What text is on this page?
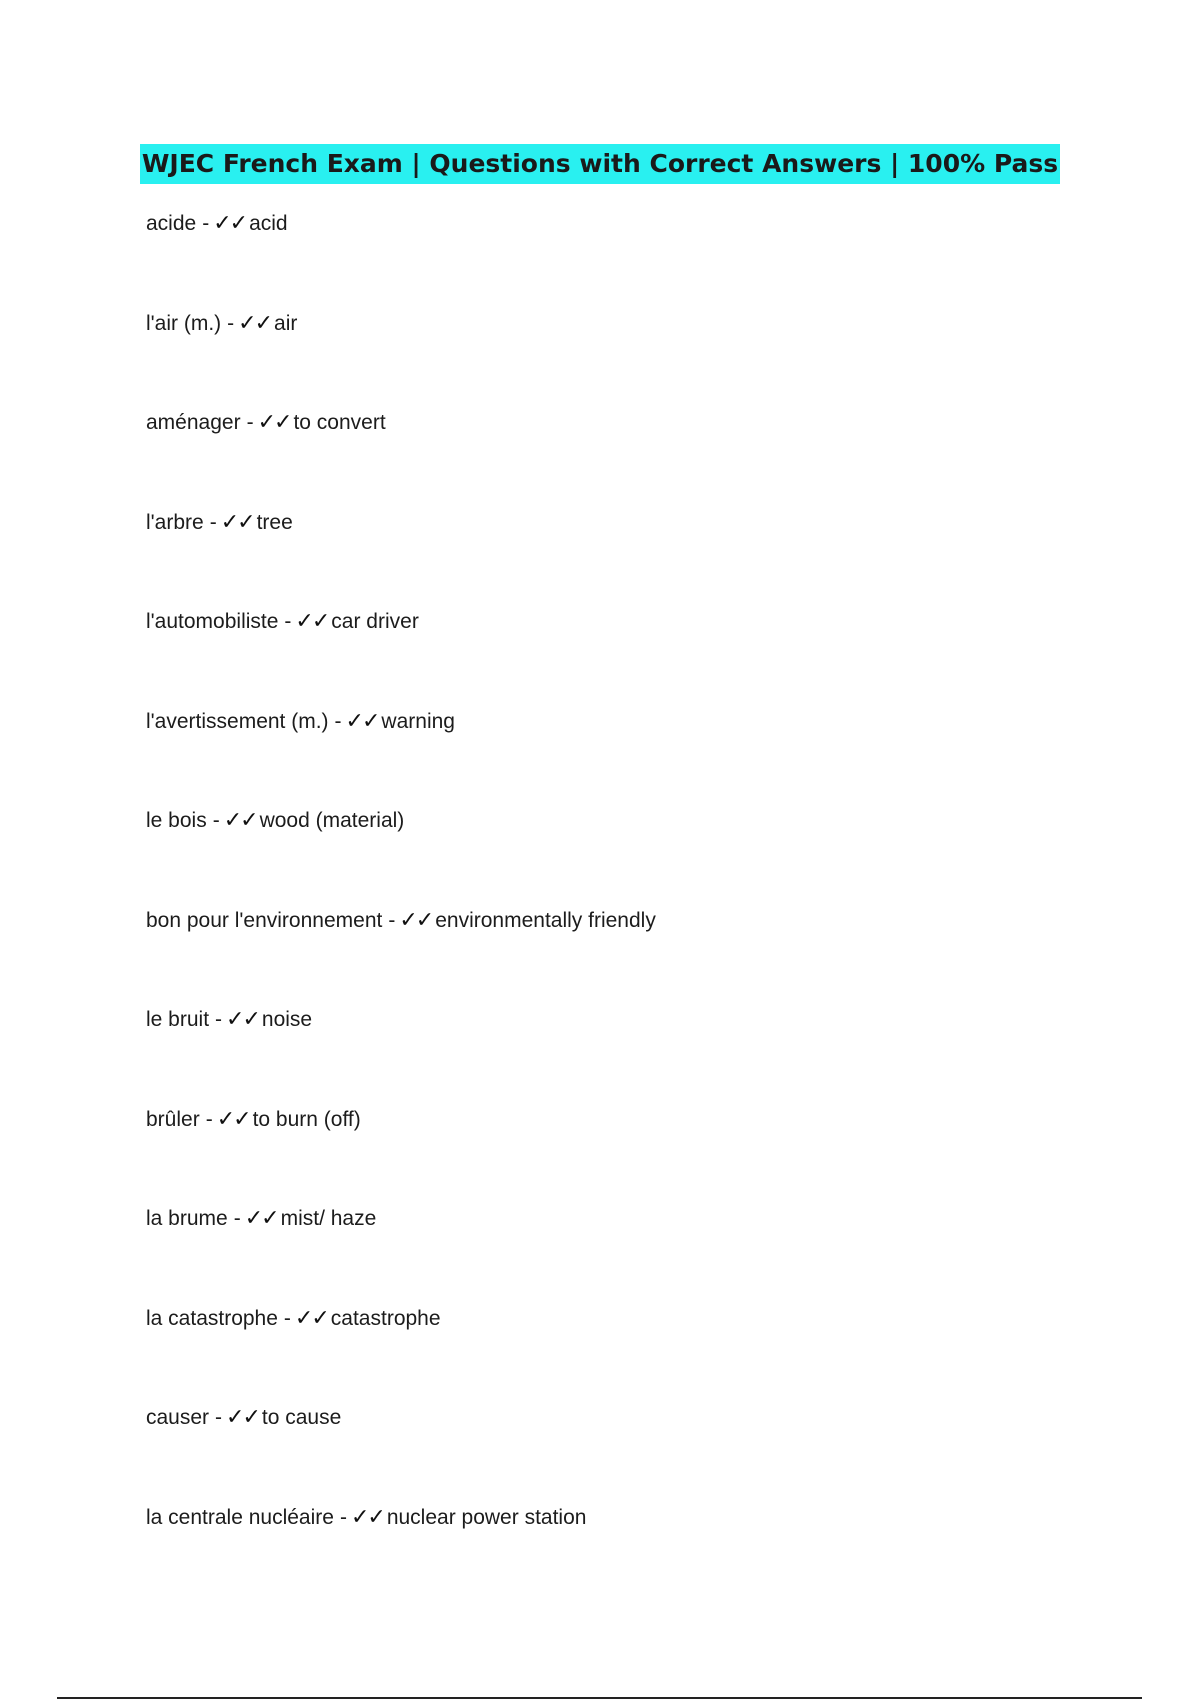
WJEC French Exam | Questions with Correct Answers | 100% Pass
acide - ✓✓ acid
l'air (m.) - ✓✓ air
aménager - ✓✓ to convert
l'arbre - ✓✓ tree
l'automobiliste - ✓✓ car driver
l'avertissement (m.) - ✓✓ warning
le bois - ✓✓ wood (material)
bon pour l'environnement - ✓✓ environmentally friendly
le bruit - ✓✓ noise
brûler - ✓✓ to burn (off)
la brume - ✓✓ mist/ haze
la catastrophe - ✓✓ catastrophe
causer - ✓✓ to cause
la centrale nucléaire - ✓✓ nuclear power station
